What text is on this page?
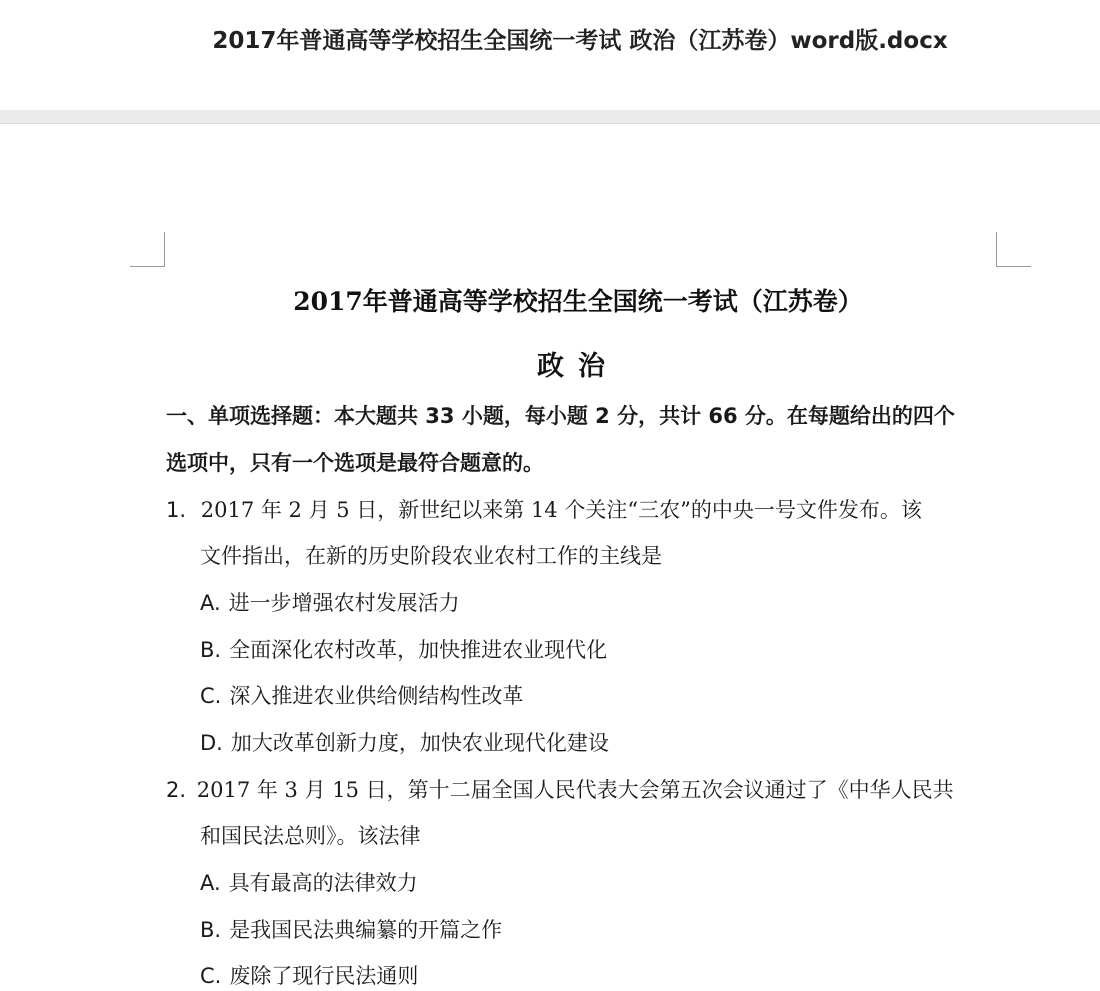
2017年普通高等学校招生全国统一考试 政治（江苏卷）word版.docx
2017年普通高等学校招生全国统一考试（江苏卷）
政治
一、单项选择题：本大题共 33 小题，每小题 2 分，共计 66 分。在每题给出的四个
选项中，只有一个选项是最符合题意的。
1. 2017 年 2 月 5 日，新世纪以来第 14 个关注“三农”的中央一号文件发布。该
文件指出，在新的历史阶段农业农村工作的主线是
A. 进一步增强农村发展活力
B. 全面深化农村改革，加快推进农业现代化
C. 深入推进农业供给侧结构性改革
D. 加大改革创新力度，加快农业现代化建设
2. 2017 年 3 月 15 日，第十二届全国人民代表大会第五次会议通过了《中华人民共
和国民法总则》。该法律
A. 具有最高的法律效力
B. 是我国民法典编纂的开篇之作
C. 废除了现行民法通则
